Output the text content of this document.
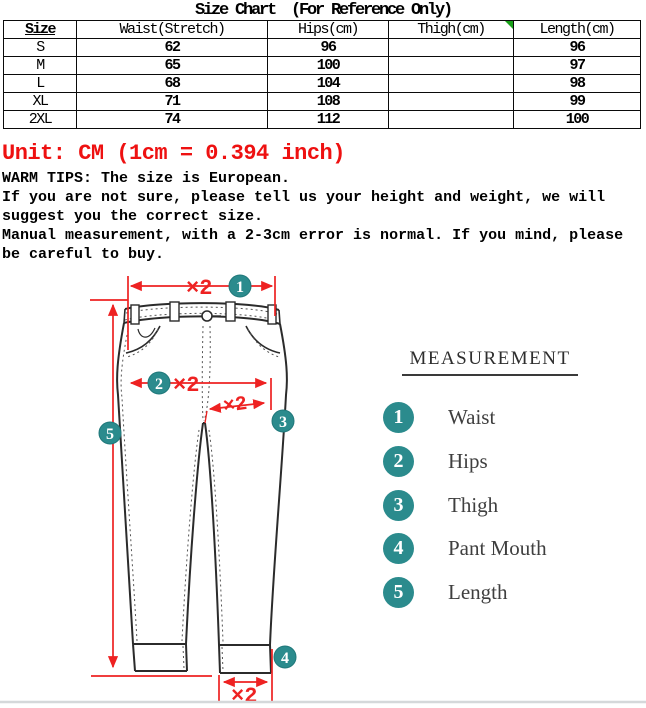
Size Chart  (For Reference Only)
Size	Waist(Stretch)	Hips(cm)	Thigh(cm)	Length(cm)
S	62	96		96
M	65	100		97
L	68	104		98
XL	71	108		99
2XL	74	112		100
Unit: CM (1cm = 0.394 inch)
WARM TIPS: The size is European.
If you are not sure, please tell us your height and weight, we will
suggest you the correct size.
Manual measurement, with a 2-3cm error is normal. If you mind, please
be careful to buy.
×2
×2
×2
×2
1
2
3
4
5
MEASUREMENT
1	Waist
2	Hips
3	Thigh
4	Pant Mouth
5	Length
